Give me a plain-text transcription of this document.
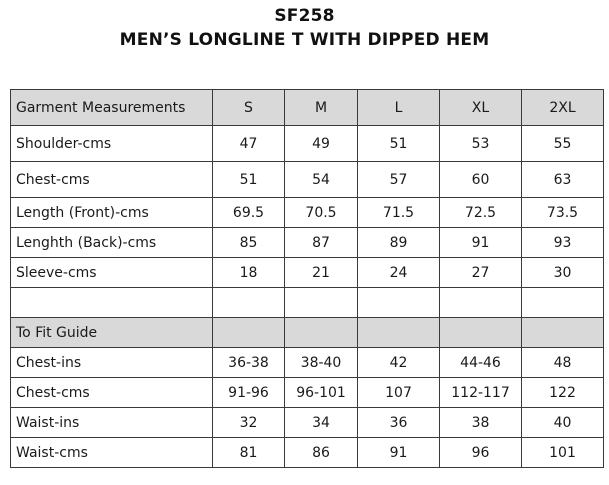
SF258
MEN’S LONGLINE T WITH DIPPED HEM
Garment Measurements	S	M	L	XL	2XL
Shoulder-cms	47	49	51	53	55
Chest-cms	51	54	57	60	63
Length (Front)-cms	69.5	70.5	71.5	72.5	73.5
Lenghth (Back)-cms	85	87	89	91	93
Sleeve-cms	18	21	24	27	30

To Fit Guide					
Chest-ins	36-38	38-40	42	44-46	48
Chest-cms	91-96	96-101	107	112-117	122
Waist-ins	32	34	36	38	40
Waist-cms	81	86	91	96	101
